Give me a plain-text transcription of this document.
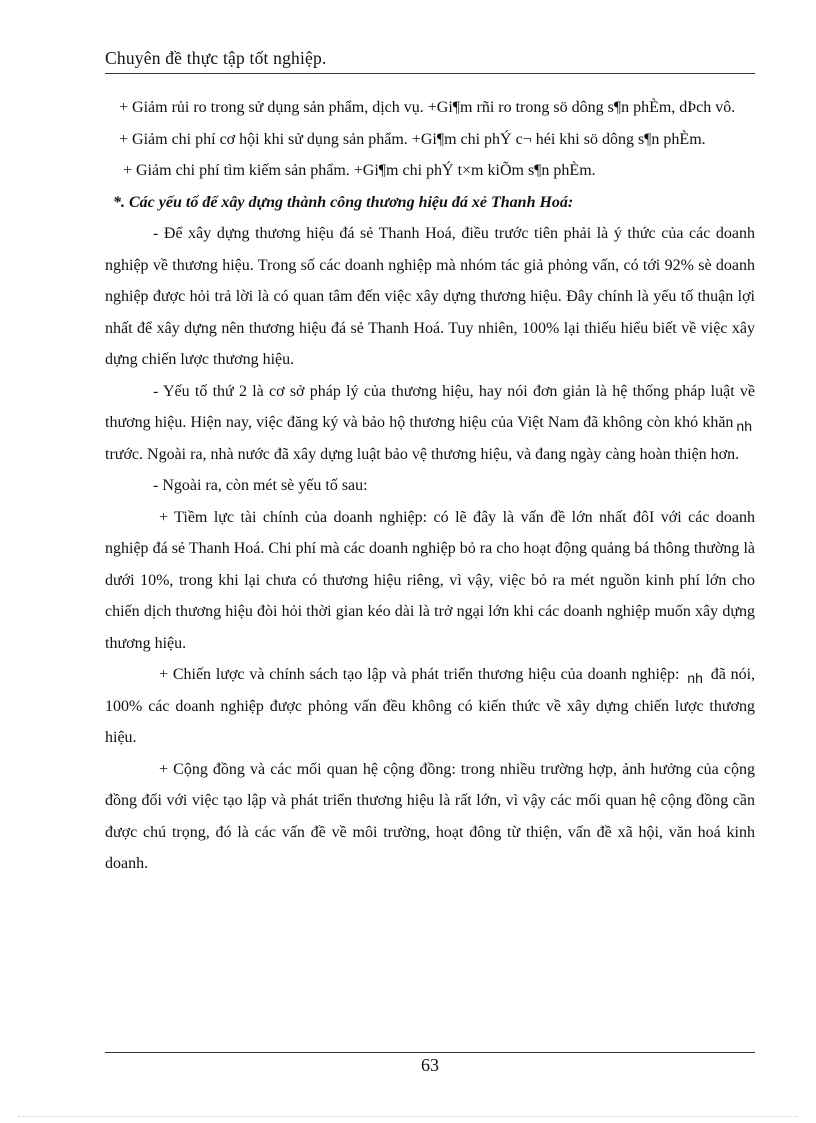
Chuyên đề thực tập tốt nghiệp.

+ Giảm rủi ro trong sử dụng sản phẩm, dịch vụ. +Gi¶m rñi ro trong sö dông s¶n phÈm, dÞch vô.

+ Giảm chi phí cơ hội khi sử dụng sản phẩm. +Gi¶m chi phÝ c¬ héi khi sö dông s¶n phÈm.

+ Giảm chi phí tìm kiếm sản phẩm. +Gi¶m chi phÝ t×m kiÕm s¶n phÈm.

*. Các yếu tố để xây dựng thành công thương hiệu đá xẻ Thanh Hoá:

- Để xây dựng thương hiệu đá sẻ Thanh Hoá, điều trước tiên phải là ý thức của các doanh nghiệp về thương hiệu. Trong số các doanh nghiệp mà nhóm tác giả phỏng vấn, có tới 92% sè doanh nghiệp được hỏi trả lời là có quan tâm đến việc xây dựng thương hiệu. Đây chính là yếu tố thuận lợi nhất để xây dựng nên thương hiệu đá sẻ Thanh Hoá. Tuy nhiên, 100% lại thiếu hiểu biết về việc xây dựng chiến lược thương hiệu.

- Yếu tố thứ 2 là cơ sở pháp lý của thương hiệu, hay nói đơn giản là hệ thống pháp luật về thương hiệu. Hiện nay, việc đăng ký và bảo hộ thương hiệu của Việt Nam đã không còn khó khăn nh trước. Ngoài ra, nhà nước đã xây dựng luật bảo vệ thương hiệu, và đang ngày càng hoàn thiện hơn.

- Ngoài ra, còn mét sè yếu tố sau:

+ Tiềm lực tài chính của doanh nghiệp: có lẽ đây là vấn đề lớn nhất đôI với các doanh nghiệp đá sẻ Thanh Hoá. Chi phí mà các doanh nghiệp bỏ ra cho hoạt động quảng bá thông thường là dưới 10%, trong khi lại chưa có thương hiệu riêng, vì vậy, việc bỏ ra mét nguồn kinh phí lớn cho chiến dịch thương hiệu đòi hỏi thời gian kéo dài là trở ngại lớn khi các doanh nghiệp muốn xây dựng thương hiệu.

+ Chiến lược và chính sách tạo lập và phát triển thương hiệu của doanh nghiệp: nh đã nói, 100% các doanh nghiệp được phỏng vấn đều không có kiến thức về xây dựng chiến lược thương hiệu.

+ Cộng đồng và các mối quan hệ cộng đồng: trong nhiều trường hợp, ảnh hưởng của cộng đồng đối với việc tạo lập và phát triển thương hiệu là rất lớn, vì vậy các mối quan hệ cộng đồng cần được chú trọng, đó là các vấn đề về môi trường, hoạt đông từ thiện, vấn đề xã hội, văn hoá kinh doanh.

63
